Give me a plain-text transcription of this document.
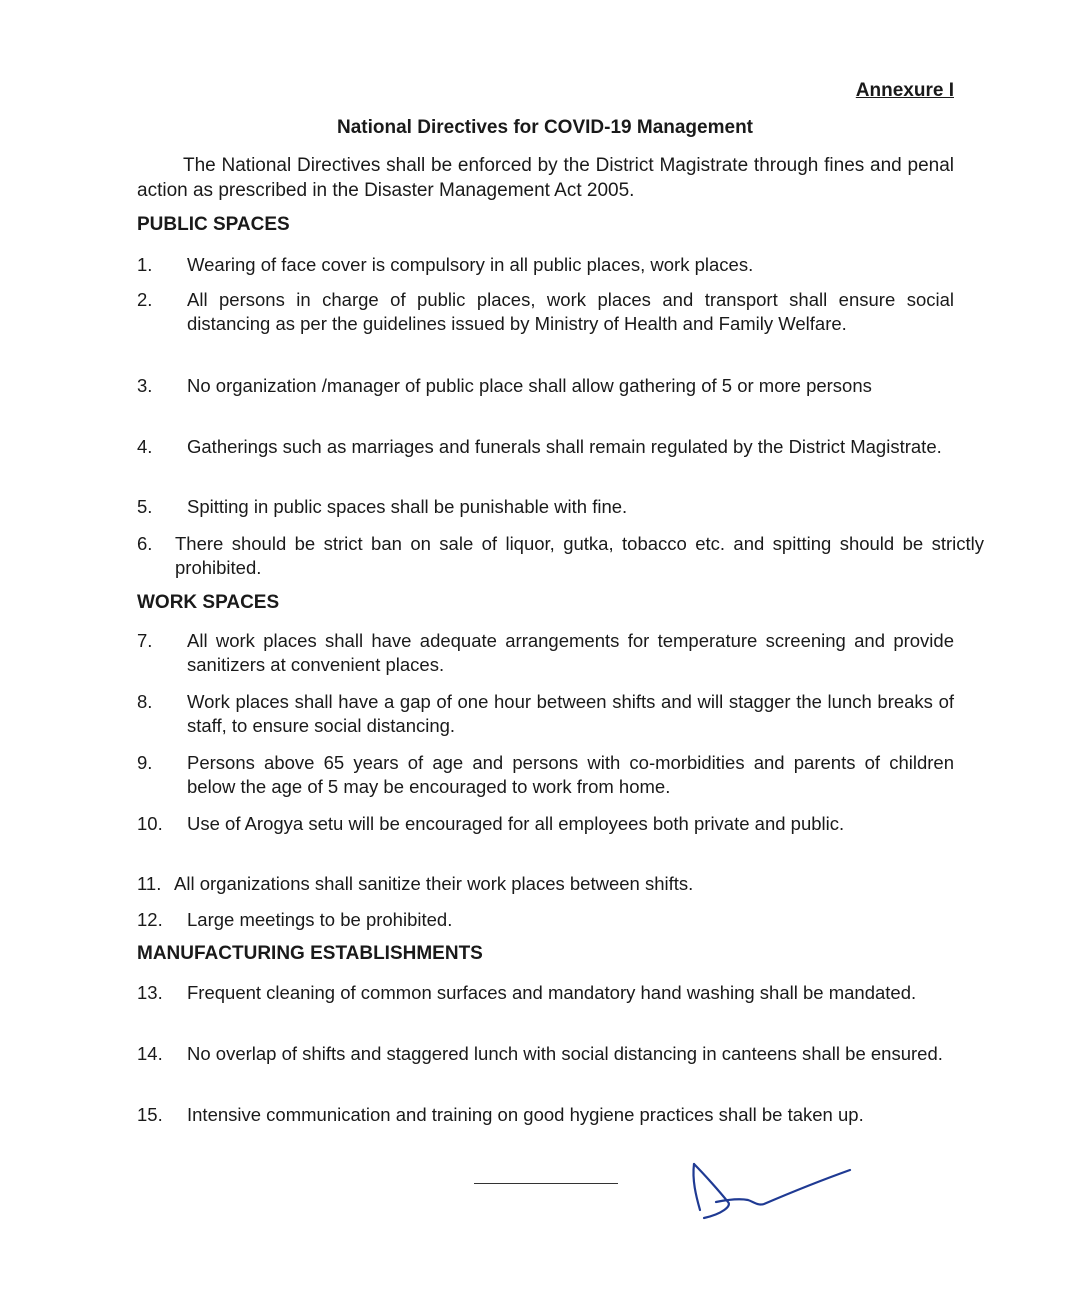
Annexure I
National Directives for COVID-19 Management

The National Directives shall be enforced by the District Magistrate through fines and penal action as prescribed in the Disaster Management Act 2005.

PUBLIC SPACES
1. Wearing of face cover is compulsory in all public places, work places.
2. All persons in charge of public places, work places and transport shall ensure social distancing as per the guidelines issued by Ministry of Health and Family Welfare.
3. No organization /manager of public place shall allow gathering of 5 or more persons
4. Gatherings such as marriages and funerals shall remain regulated by the District Magistrate.
5. Spitting in public spaces shall be punishable with fine.
6. There should be strict ban on sale of liquor, gutka, tobacco etc. and spitting should be strictly prohibited.
WORK SPACES
7. All work places shall have adequate arrangements for temperature screening and provide sanitizers at convenient places.
8. Work places shall have a gap of one hour between shifts and will stagger the lunch breaks of staff, to ensure social distancing.
9. Persons above 65 years of age and persons with co-morbidities and parents of children below the age of 5 may be encouraged to work from home.
10. Use of Arogya setu will be encouraged for all employees both private and public.
11. All organizations shall sanitize their work places between shifts.
12. Large meetings to be prohibited.
MANUFACTURING ESTABLISHMENTS
13. Frequent cleaning of common surfaces and mandatory hand washing shall be mandated.
14. No overlap of shifts and staggered lunch with social distancing in canteens shall be ensured.
15. Intensive communication and training on good hygiene practices shall be taken up.
